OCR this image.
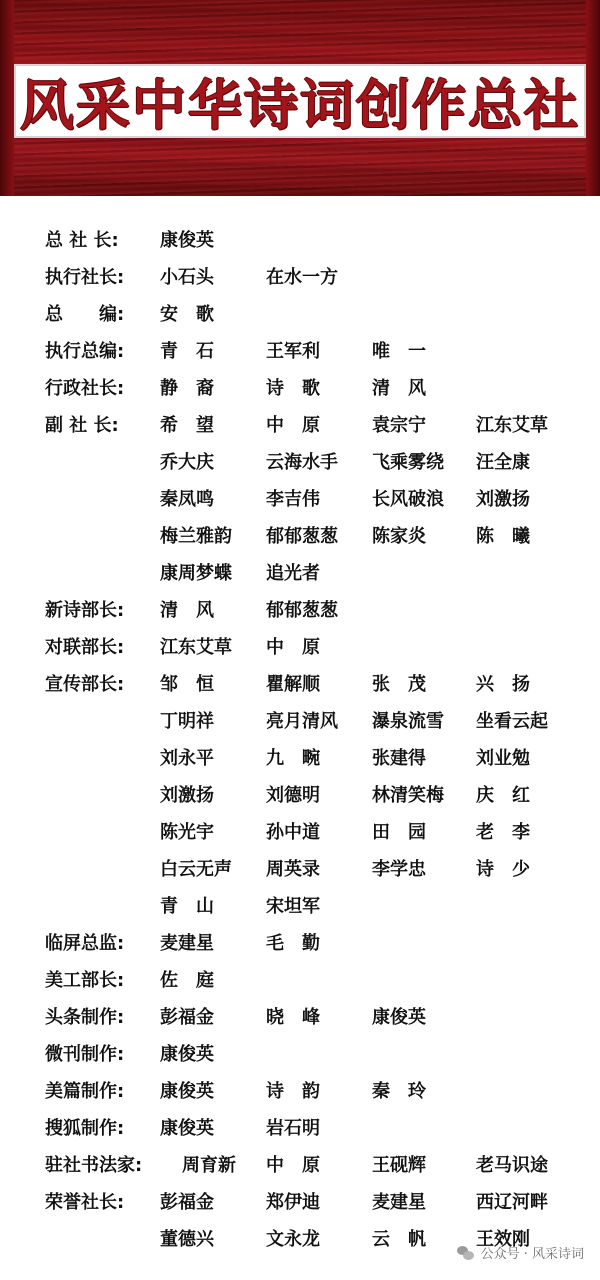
风采中华诗词创作总社
总 社 长: 康俊英
执行社长: 小石头	在水一方
总　　编: 安　歌
执行总编: 青　石	王军利	唯　一
行政社长: 静　裔	诗　歌	清　风
副 社 长: 希　望	中　原	袁宗宁	江东艾草
乔大庆	云海水手	飞乘雾绕	汪全康
秦凤鸣	李吉伟	长风破浪	刘激扬
梅兰雅韵	郁郁葱葱	陈家炎	陈　曦
康周梦蝶	追光者
新诗部长: 清　风	郁郁葱葱
对联部长: 江东艾草	中　原
宣传部长: 邹　恒	瞿解顺	张　茂	兴　扬
丁明祥	亮月清风	瀑泉流雪	坐看云起
刘永平	九　畹	张建得	刘业勉
刘激扬	刘德明	林清笑梅	庆　红
陈光宇	孙中道	田　园	老　李
白云无声	周英录	李学忠	诗　少
青　山	宋坦军
临屏总监: 麦建星	毛　勤
美工部长: 佐　庭
头条制作: 彭福金	晓　峰	康俊英
微刊制作: 康俊英
美篇制作: 康俊英	诗　韵	秦　玲
搜狐制作: 康俊英	岩石明
驻社书法家: 周育新	中　原	王砚辉	老马识途
荣誉社长: 彭福金	郑伊迪	麦建星	西辽河畔
董德兴	文永龙	云　帆	王效刚
公众号 · 风采诗词
